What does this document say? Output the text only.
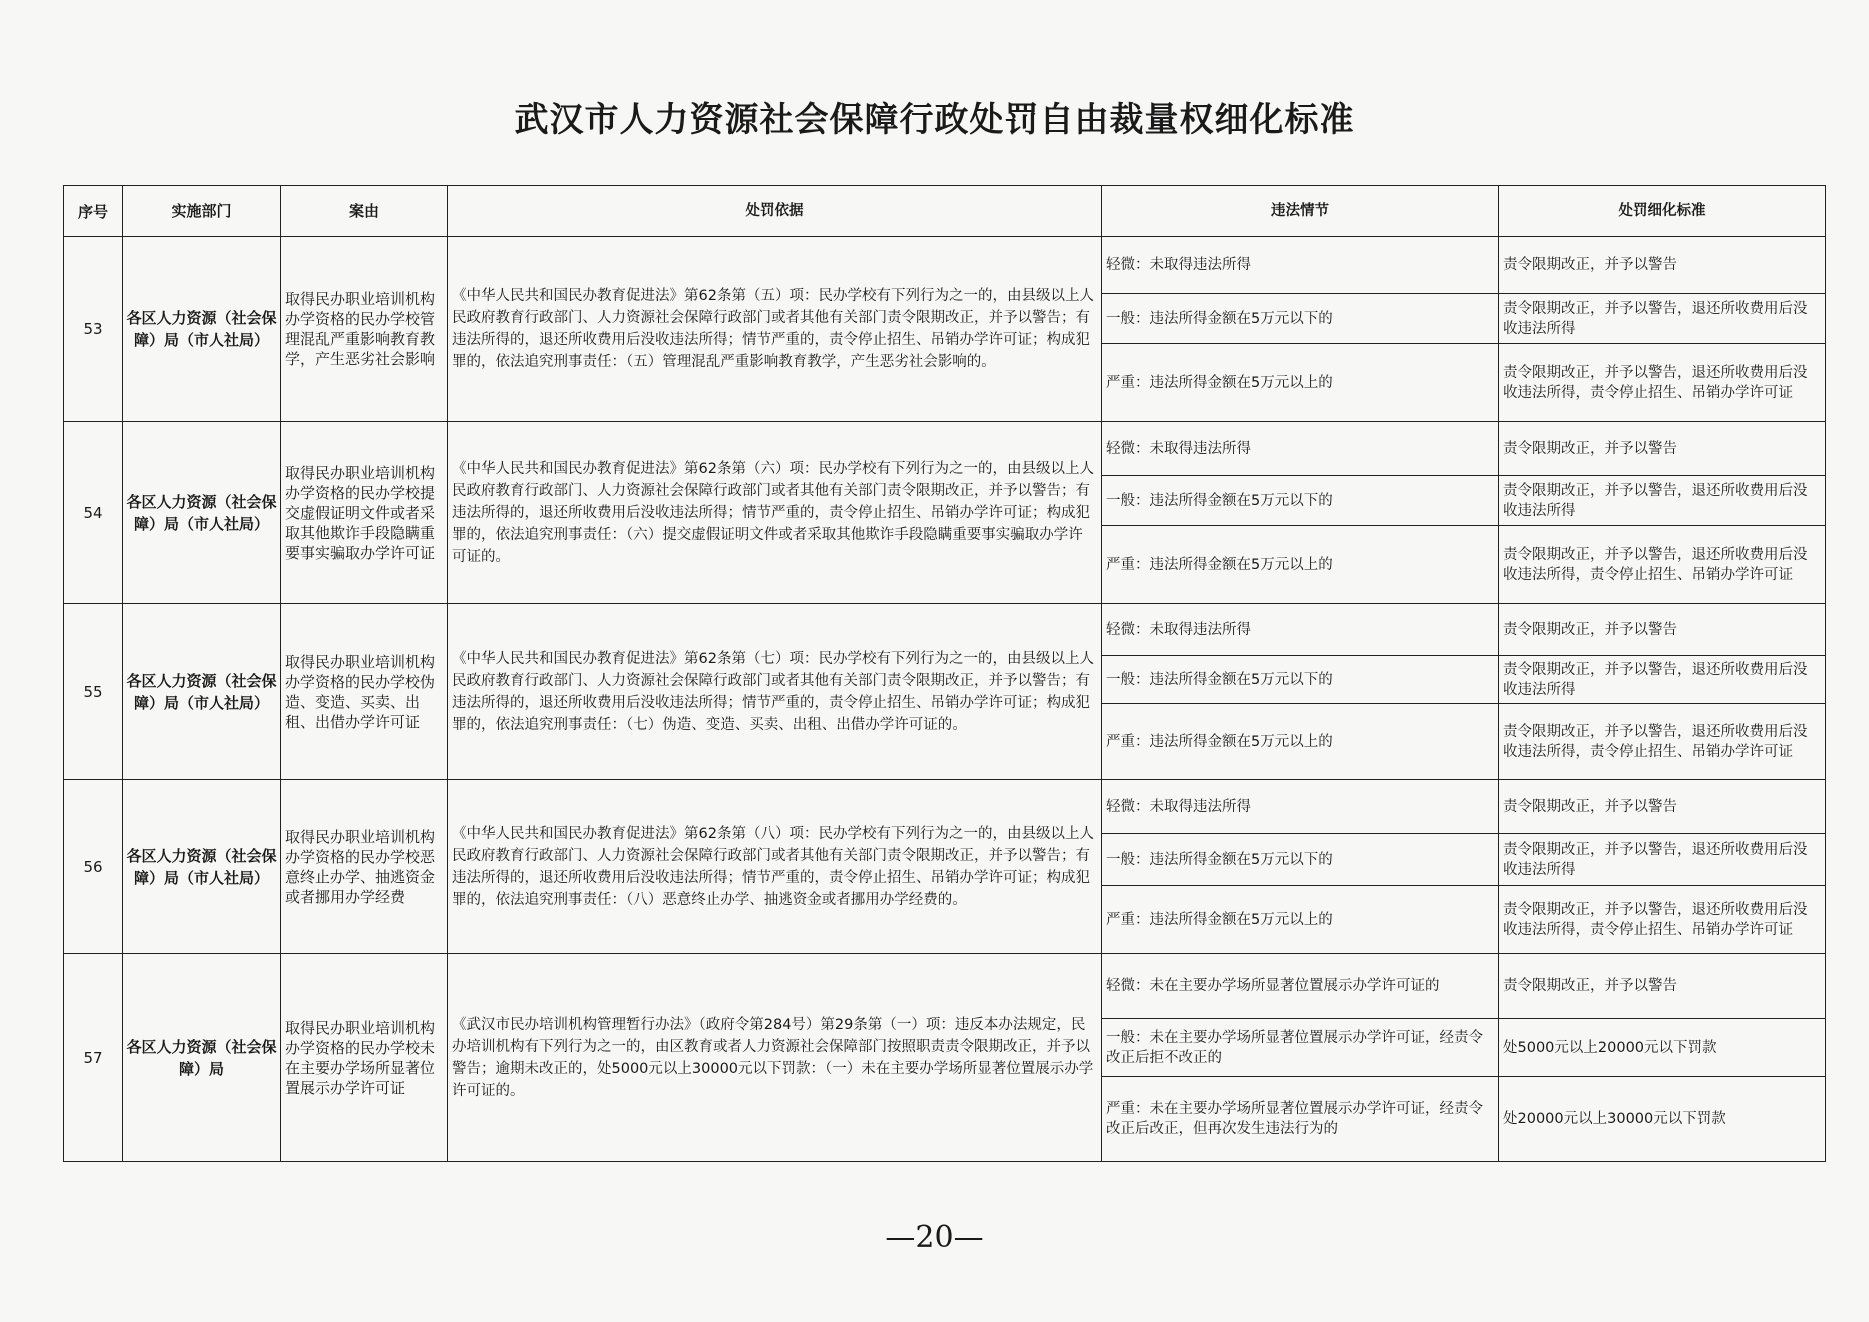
武汉市人力资源社会保障行政处罚自由裁量权细化标准
序号	实施部门	案由	处罚依据	违法情节	处罚细化标准
53	各区人力资源（社会保障）局（市人社局）	取得民办职业培训机构办学资格的民办学校管理混乱严重影响教育教学，产生恶劣社会影响	《中华人民共和国民办教育促进法》第62条第（五）项：民办学校有下列行为之一的，由县级以上人民政府教育行政部门、人力资源社会保障行政部门或者其他有关部门责令限期改正，并予以警告；有违法所得的，退还所收费用后没收违法所得；情节严重的，责令停止招生、吊销办学许可证；构成犯罪的，依法追究刑事责任：（五）管理混乱严重影响教育教学，产生恶劣社会影响的。	轻微：未取得违法所得	责令限期改正，并予以警告
				一般：违法所得金额在5万元以下的	责令限期改正，并予以警告，退还所收费用后没收违法所得
				严重：违法所得金额在5万元以上的	责令限期改正，并予以警告，退还所收费用后没收违法所得，责令停止招生、吊销办学许可证
54	各区人力资源（社会保障）局（市人社局）	取得民办职业培训机构办学资格的民办学校提交虚假证明文件或者采取其他欺诈手段隐瞒重要事实骗取办学许可证	《中华人民共和国民办教育促进法》第62条第（六）项：民办学校有下列行为之一的，由县级以上人民政府教育行政部门、人力资源社会保障行政部门或者其他有关部门责令限期改正，并予以警告；有违法所得的，退还所收费用后没收违法所得；情节严重的，责令停止招生、吊销办学许可证；构成犯罪的，依法追究刑事责任：（六）提交虚假证明文件或者采取其他欺诈手段隐瞒重要事实骗取办学许可证的。	轻微：未取得违法所得	责令限期改正，并予以警告
				一般：违法所得金额在5万元以下的	责令限期改正，并予以警告，退还所收费用后没收违法所得
				严重：违法所得金额在5万元以上的	责令限期改正，并予以警告，退还所收费用后没收违法所得，责令停止招生、吊销办学许可证
55	各区人力资源（社会保障）局（市人社局）	取得民办职业培训机构办学资格的民办学校伪造、变造、买卖、出租、出借办学许可证	《中华人民共和国民办教育促进法》第62条第（七）项：民办学校有下列行为之一的，由县级以上人民政府教育行政部门、人力资源社会保障行政部门或者其他有关部门责令限期改正，并予以警告；有违法所得的，退还所收费用后没收违法所得；情节严重的，责令停止招生、吊销办学许可证；构成犯罪的，依法追究刑事责任：（七）伪造、变造、买卖、出租、出借办学许可证的。	轻微：未取得违法所得	责令限期改正，并予以警告
				一般：违法所得金额在5万元以下的	责令限期改正，并予以警告，退还所收费用后没收违法所得
				严重：违法所得金额在5万元以上的	责令限期改正，并予以警告，退还所收费用后没收违法所得，责令停止招生、吊销办学许可证
56	各区人力资源（社会保障）局（市人社局）	取得民办职业培训机构办学资格的民办学校恶意终止办学、抽逃资金或者挪用办学经费	《中华人民共和国民办教育促进法》第62条第（八）项：民办学校有下列行为之一的，由县级以上人民政府教育行政部门、人力资源社会保障行政部门或者其他有关部门责令限期改正，并予以警告；有违法所得的，退还所收费用后没收违法所得；情节严重的，责令停止招生、吊销办学许可证；构成犯罪的，依法追究刑事责任：（八）恶意终止办学、抽逃资金或者挪用办学经费的。	轻微：未取得违法所得	责令限期改正，并予以警告
				一般：违法所得金额在5万元以下的	责令限期改正，并予以警告，退还所收费用后没收违法所得
				严重：违法所得金额在5万元以上的	责令限期改正，并予以警告，退还所收费用后没收违法所得，责令停止招生、吊销办学许可证
57	各区人力资源（社会保障）局	取得民办职业培训机构办学资格的民办学校未在主要办学场所显著位置展示办学许可证	《武汉市民办培训机构管理暂行办法》（政府令第284号）第29条第（一）项：违反本办法规定，民办培训机构有下列行为之一的，由区教育或者人力资源社会保障部门按照职责责令限期改正，并予以警告；逾期未改正的，处5000元以上30000元以下罚款：（一）未在主要办学场所显著位置展示办学许可证的。	轻微：未在主要办学场所显著位置展示办学许可证的	责令限期改正，并予以警告
				一般：未在主要办学场所显著位置展示办学许可证，经责令改正后拒不改正的	处5000元以上20000元以下罚款
				严重：未在主要办学场所显著位置展示办学许可证，经责令改正后改正，但再次发生违法行为的	处20000元以上30000元以下罚款
—20—
